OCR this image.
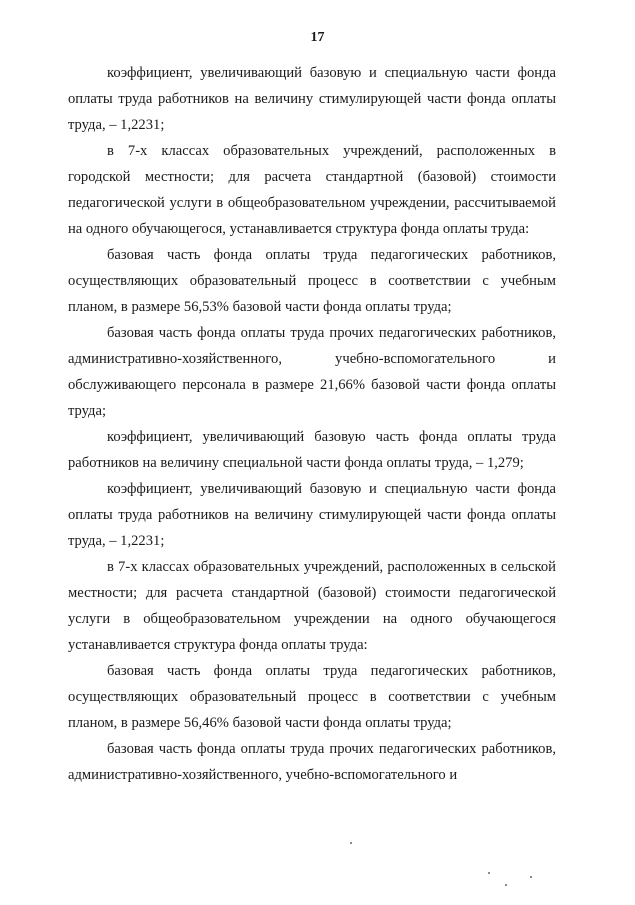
17

коэффициент, увеличивающий базовую и специальную части фонда оплаты труда работников на величину стимулирующей части фонда оплаты труда, – 1,2231;

в 7-х классах образовательных учреждений, расположенных в городской местности; для расчета стандартной (базовой) стоимости педагогической услуги в общеобразовательном учреждении, рассчитываемой на одного обучающегося, устанавливается структура фонда оплаты труда:

базовая часть фонда оплаты труда педагогических работников, осуществляющих образовательный процесс в соответствии с учебным планом, в размере 56,53% базовой части фонда оплаты труда;

базовая часть фонда оплаты труда прочих педагогических работников, административно-хозяйственного, учебно-вспомогательного и обслуживающего персонала в размере 21,66% базовой части фонда оплаты труда;

коэффициент, увеличивающий базовую часть фонда оплаты труда работников на величину специальной части фонда оплаты труда, – 1,279;

коэффициент, увеличивающий базовую и специальную части фонда оплаты труда работников на величину стимулирующей части фонда оплаты труда, – 1,2231;

в 7-х классах образовательных учреждений, расположенных в сельской местности; для расчета стандартной (базовой) стоимости педагогической услуги в общеобразовательном учреждении на одного обучающегося устанавливается структура фонда оплаты труда:

базовая часть фонда оплаты труда педагогических работников, осуществляющих образовательный процесс в соответствии с учебным планом, в размере 56,46% базовой части фонда оплаты труда;

базовая часть фонда оплаты труда прочих педагогических работников, административно-хозяйственного, учебно-вспомогательного и
